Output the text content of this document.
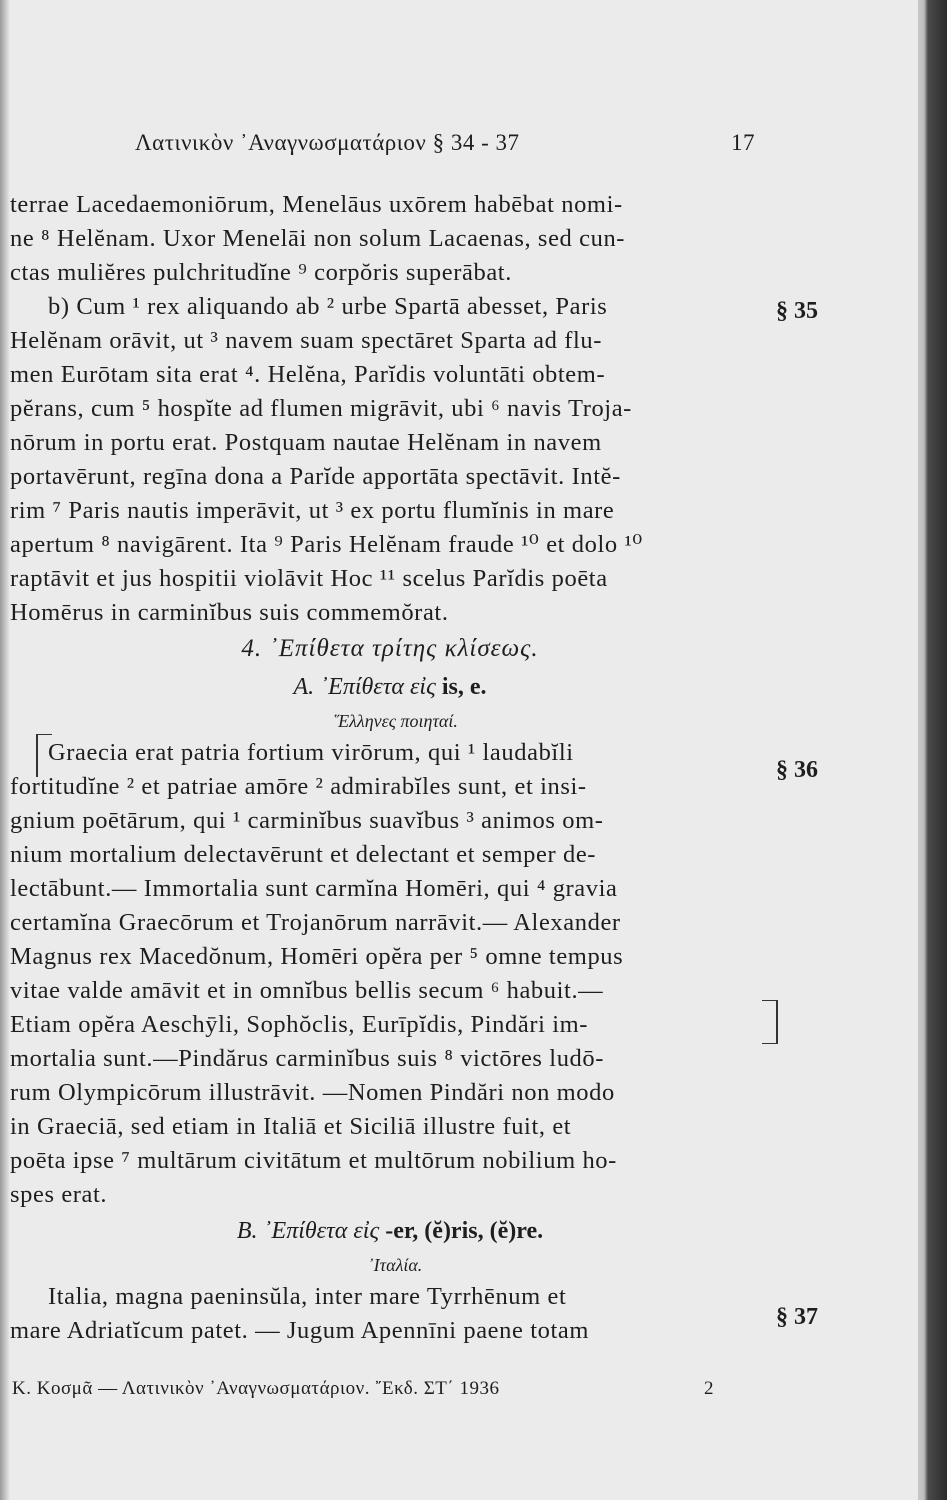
Λατινικὸν ᾿Αναγνωσματάριον § 34 - 37	17
terrae Lacedaemoniōrum, Menelāus uxōrem habēbat nomi-
ne ⁸ Helĕnam. Uxor Menelāi non solum Lacaenas, sed cun-
ctas muliĕres pulchritudĭne ⁹ corpŏris superābat.
b) Cum ¹ rex aliquando ab ² urbe Spartā abesset, Paris
Helĕnam orāvit, ut ³ navem suam spectāret Sparta ad flu-
men Eurōtam sita erat ⁴. Helĕna, Parĭdis voluntāti obtem-
pĕrans, cum ⁵ hospĭte ad flumen migrāvit, ubi ⁶ navis Troja-
nōrum in portu erat. Postquam nautae Helĕnam in navem
portavērunt, regīna dona a Parĭde apportāta spectāvit. Intĕ-
rim ⁷ Paris nautis imperāvit, ut ³ ex portu flumĭnis in mare
apertum ⁸ navigārent. Ita ⁹ Paris Helĕnam fraude ¹⁰ et dolo ¹⁰
raptāvit et jus hospitii violāvit Hoc ¹¹ scelus Parĭdis poēta
Homērus in carminĭbus suis commemŏrat.
4. ᾿Επίθετα τρίτης κλίσεως.
A. ᾿Επίθετα εἰς is, e.
῞Ελληνες ποιηταί.
Graecia erat patria fortium virōrum, qui ¹ laudabĭli
fortitudĭne ² et patriae amōre ² admirabĭles sunt, et insi-
gnium poētārum, qui ¹ carminĭbus suavĭbus ³ animos om-
nium mortalium delectavērunt et delectant et semper de-
lectābunt.— Immortalia sunt carmĭna Homēri, qui ⁴ gravia
certamĭna Graecōrum et Trojanōrum narrāvit.— Alexander
Magnus rex Macedŏnum, Homēri opĕra per ⁵ omne tempus
vitae valde amāvit et in omnĭbus bellis secum ⁶ habuit.—
Etiam opĕra Aeschȳli, Sophŏclis, Eurīpĭdis, Pindări im-
mortalia sunt.—Pindărus carminĭbus suis ⁸ victōres ludō-
rum Olympicōrum illustrāvit. —Nomen Pindări non modo
in Graeciā, sed etiam in Italiā et Siciliā illustre fuit, et
poēta ipse ⁷ multārum civitātum et multōrum nobilium ho-
spes erat.
B. ᾿Επίθετα εἰς -er, (ĕ)ris, (ĕ)re.
᾿Ιταλία.
Italia, magna paeninsŭla, inter mare Tyrrhēnum et
mare Adriatĭcum patet. — Jugum Apennīni paene totam
§ 35
§ 36
§ 37
Κ. Κοσμᾶ — Λατινικὸν ᾿Αναγνωσματάριον. ῎Εκδ. ΣΤ΄ 1936	2
